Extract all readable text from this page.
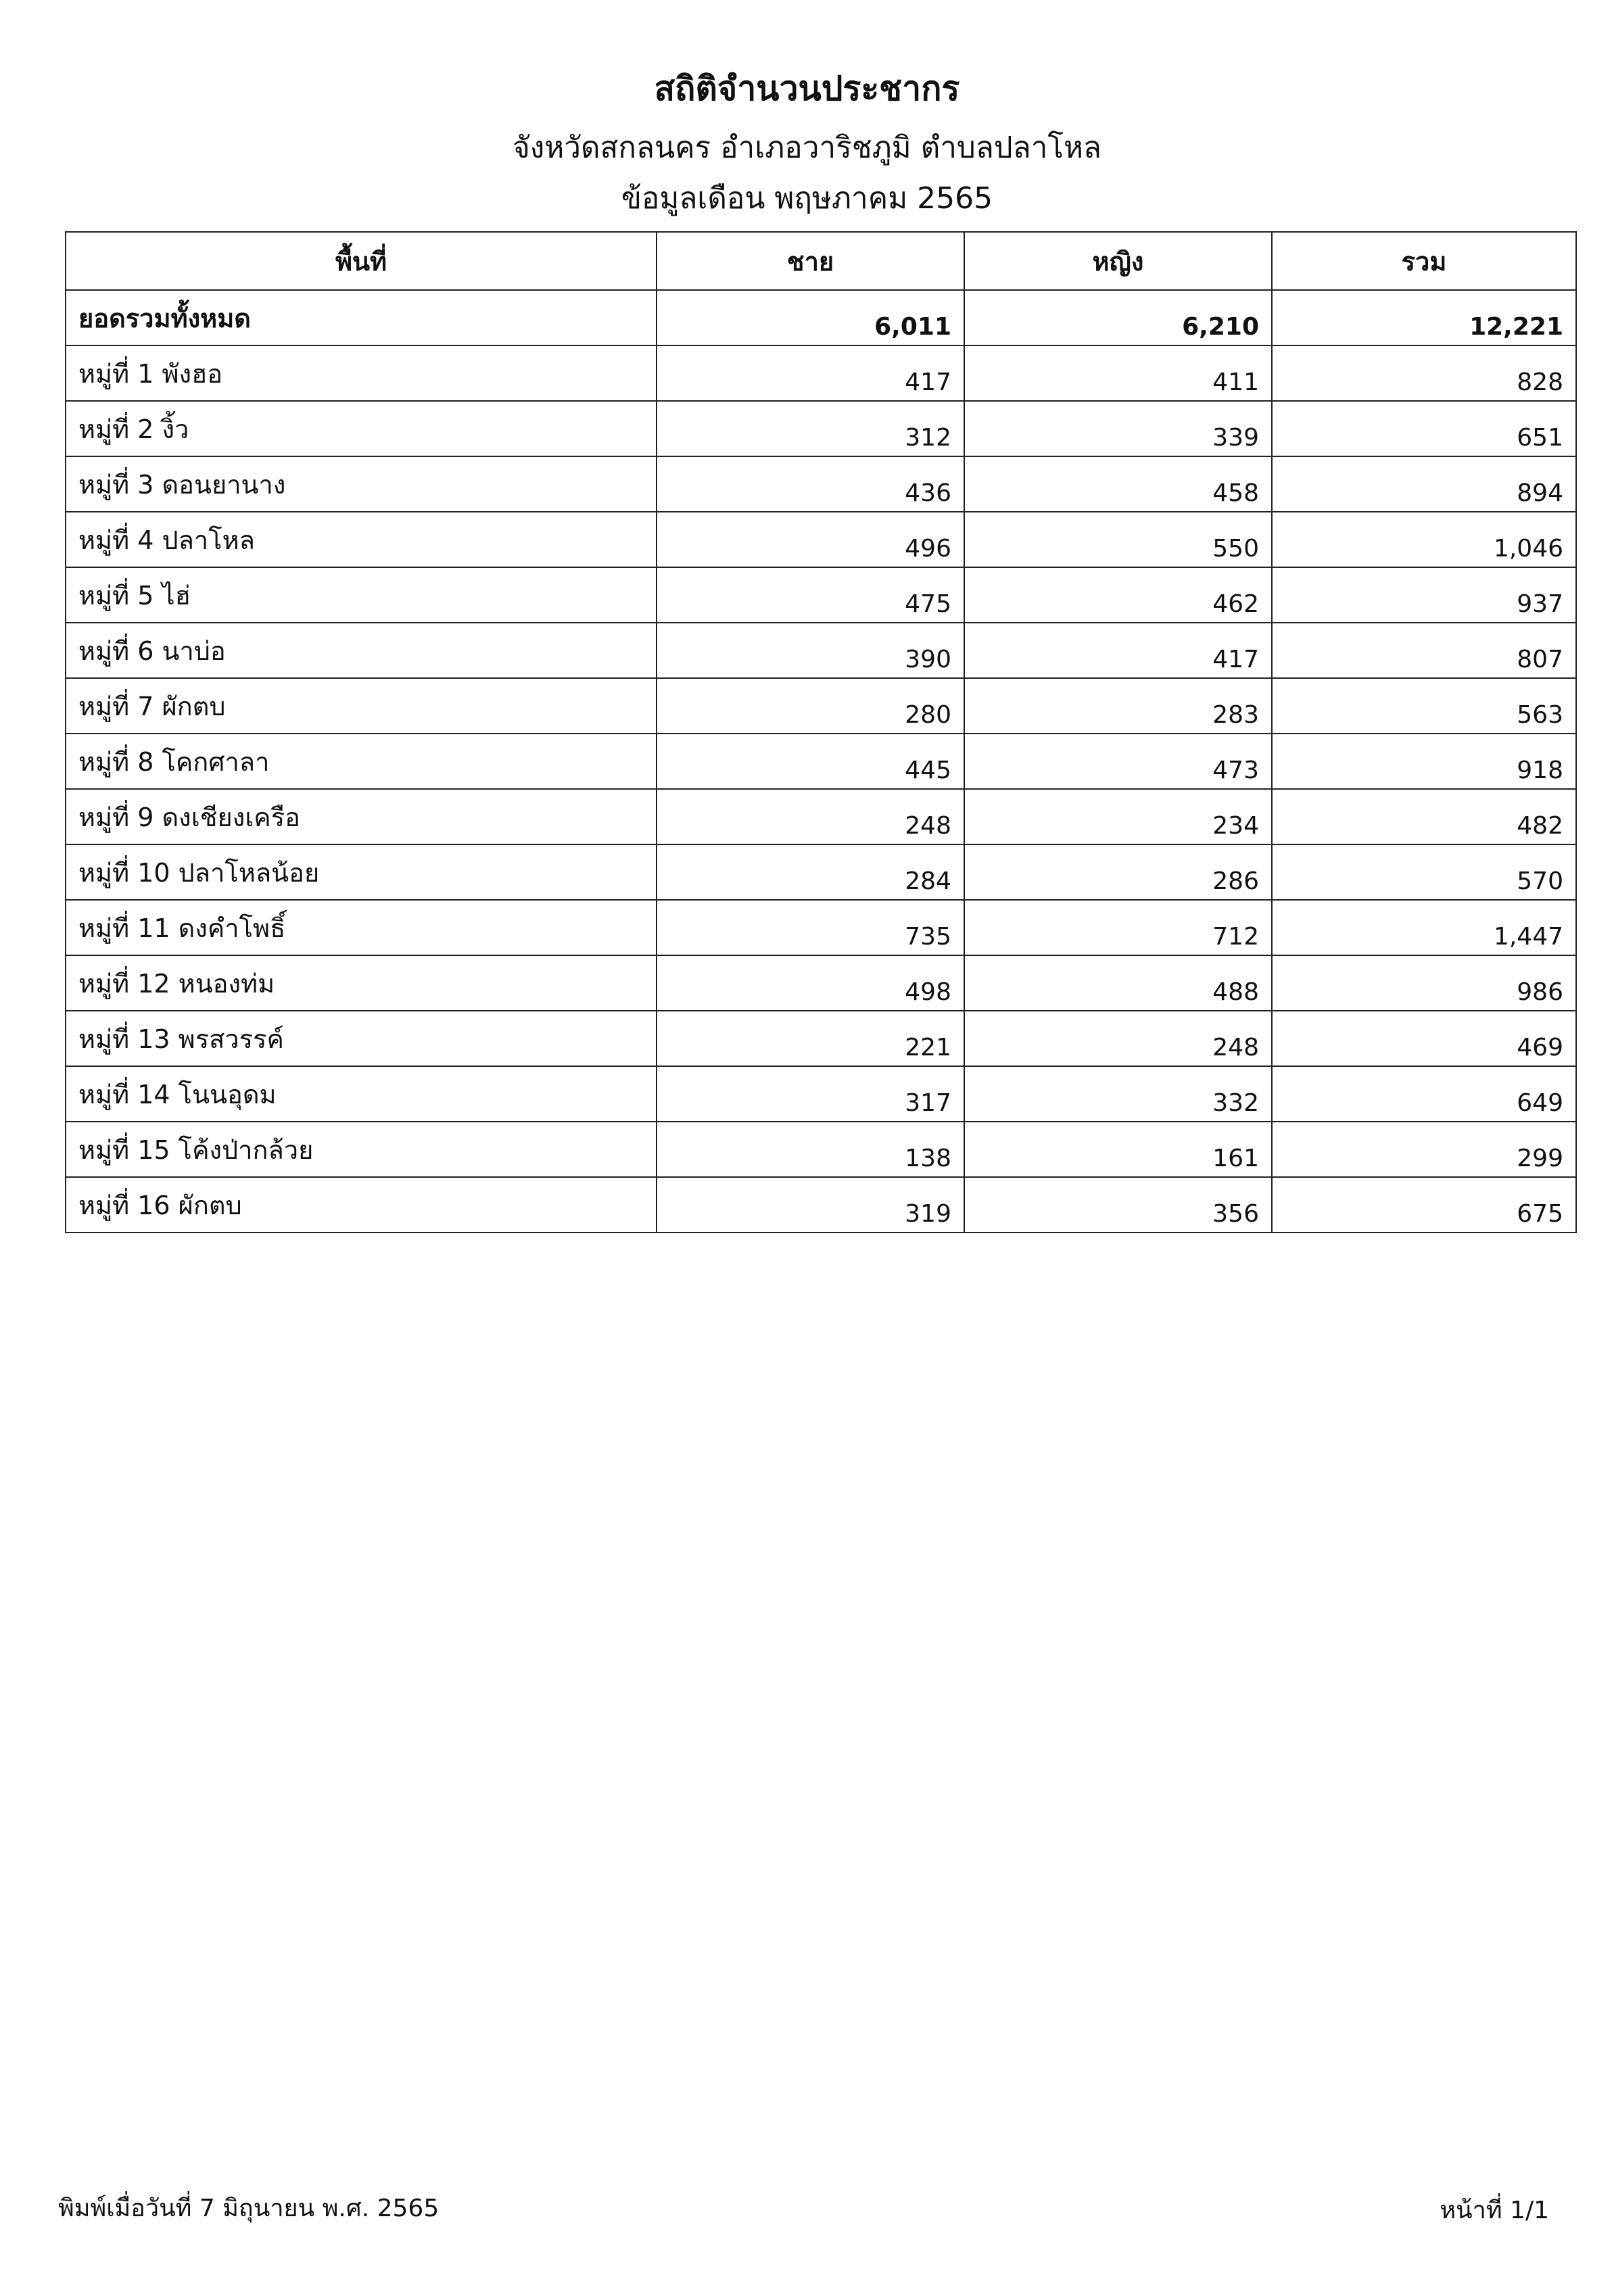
สถิติจำนวนประชากร
จังหวัดสกลนคร อำเภอวาริชภูมิ ตำบลปลาโหล
ข้อมูลเดือน พฤษภาคม 2565
พื้นที่	ชาย	หญิง	รวม
ยอดรวมทั้งหมด	6,011	6,210	12,221
หมู่ที่ 1 พังฮอ	417	411	828
หมู่ที่ 2 งิ้ว	312	339	651
หมู่ที่ 3 ดอนยานาง	436	458	894
หมู่ที่ 4 ปลาโหล	496	550	1,046
หมู่ที่ 5 ไฮ่	475	462	937
หมู่ที่ 6 นาบ่อ	390	417	807
หมู่ที่ 7 ผักตบ	280	283	563
หมู่ที่ 8 โคกศาลา	445	473	918
หมู่ที่ 9 ดงเชียงเครือ	248	234	482
หมู่ที่ 10 ปลาโหลน้อย	284	286	570
หมู่ที่ 11 ดงคำโพธิ์	735	712	1,447
หมู่ที่ 12 หนองท่ม	498	488	986
หมู่ที่ 13 พรสวรรค์	221	248	469
หมู่ที่ 14 โนนอุดม	317	332	649
หมู่ที่ 15 โค้งป่ากล้วย	138	161	299
หมู่ที่ 16 ผักตบ	319	356	675
พิมพ์เมื่อวันที่ 7 มิถุนายน พ.ศ. 2565	หน้าที่ 1/1
